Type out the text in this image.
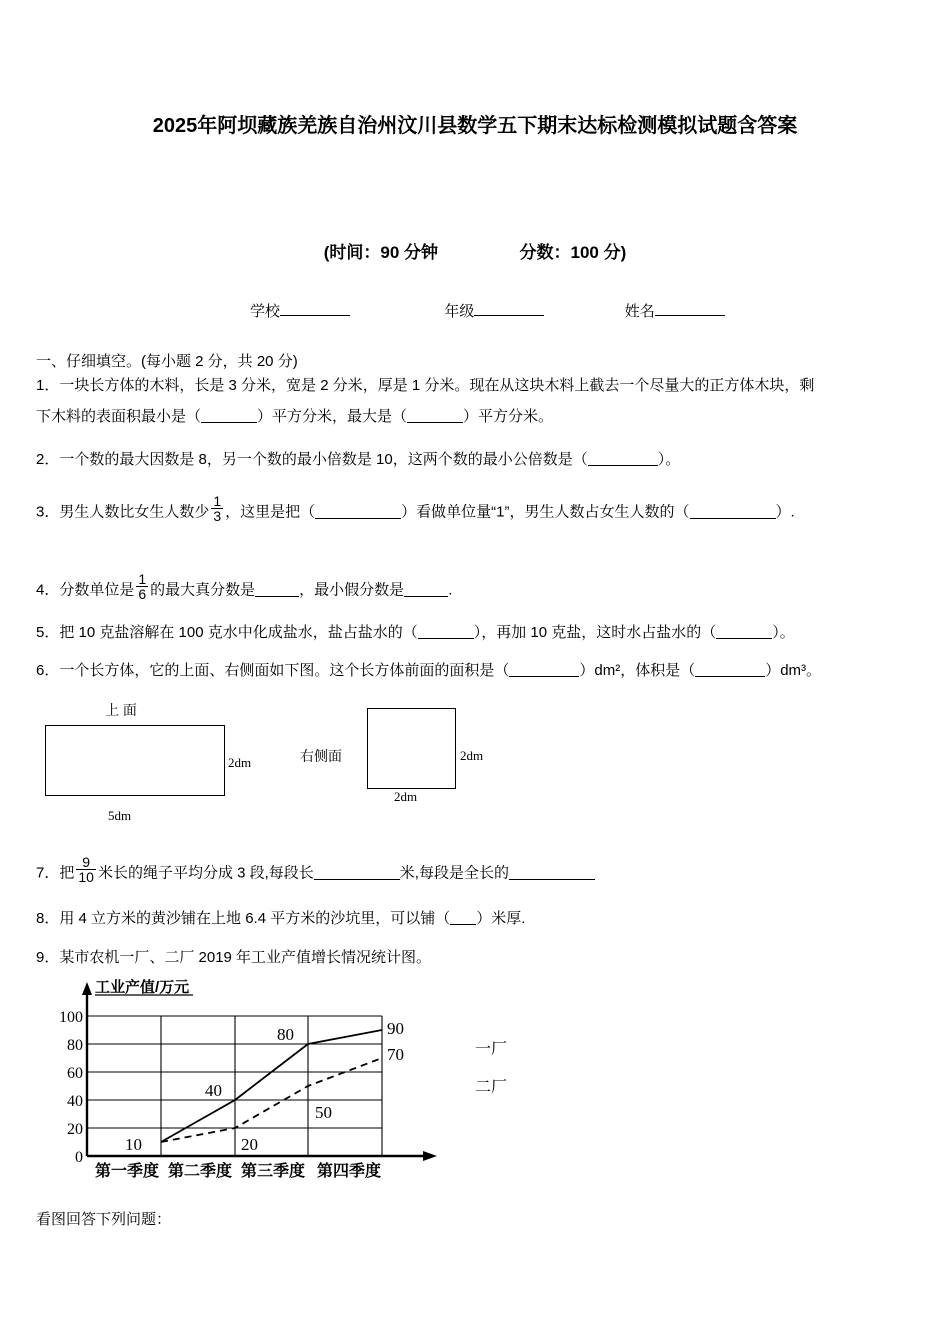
2025年阿坝藏族羌族自治州汶川县数学五下期末达标检测模拟试题含答案
(时间：90 分钟	分数：100 分)
学校	年级	姓名
一、仔细填空。(每小题 2 分，共 20 分)
1．一块长方体的木料，长是 3 分米，宽是 2 分米，厚是 1 分米。现在从这块木料上截去一个尽量大的正方体木块，剩
下木料的表面积最小是（	）平方分米，最大是（	）平方分米。
2．一个数的最大因数是 8，另一个数的最小倍数是 10，这两个数的最小公倍数是（	）。
3．男生人数比女生人数少 $\frac{1}{3}$ ，这里是把（	）看做单位量“1”，男生人数占女生人数的（	）.
4．分数单位是 $\frac{1}{6}$ 的最大真分数是	，最小假分数是	.
5．把 10 克盐溶解在 100 克水中化成盐水，盐占盐水的（	），再加 10 克盐，这时水占盐水的（	）。
6．一个长方体，它的上面、右侧面如下图。这个长方体前面的面积是（	）dm²，体积是（	）dm³。
上 面
2dm
5dm
右侧面	2dm
2dm
7．把 $\frac{9}{10}$ 米长的绳子平均分成 3 段,每段长	米,每段是全长的
8．用 4 立方米的黄沙铺在上地 6.4 平方米的沙坑里，可以铺（ ）米厚.
9．某市农机一厂、二厂 2019 年工业产值增长情况统计图。
工业产值/万元
0
20
40
60
80
100
10
40
80	90
20
50
70
第一季度 第二季度 第三季度 第四季度
一厂
二厂
看图回答下列问题：
